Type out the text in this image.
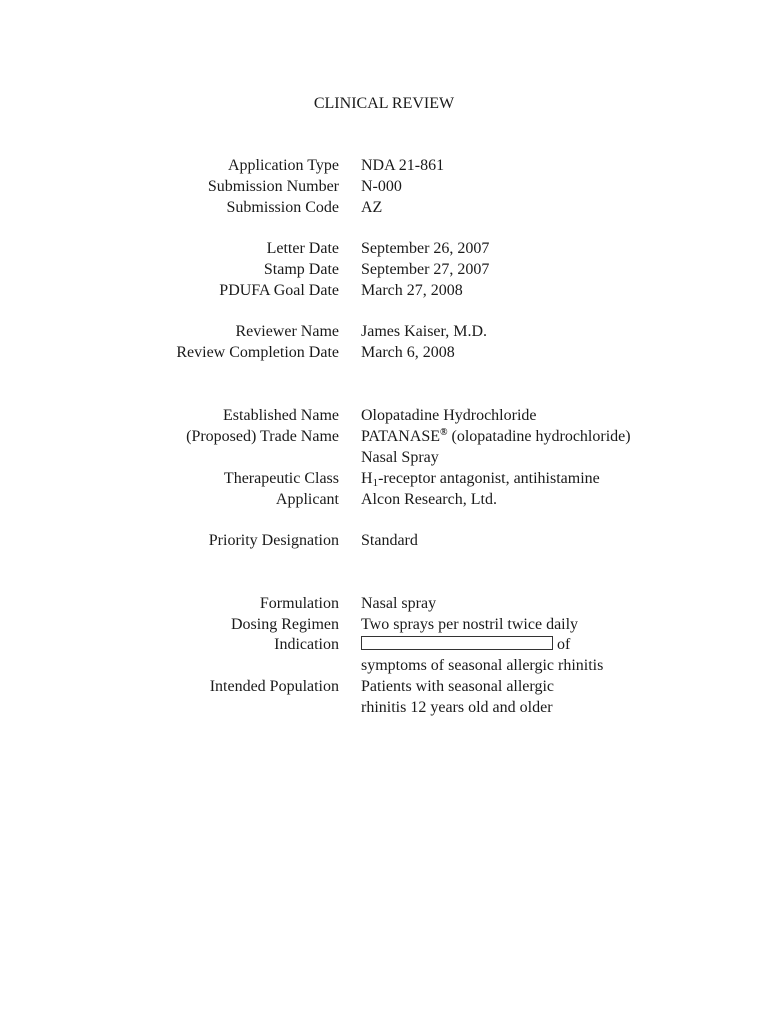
CLINICAL REVIEW
Application Type NDA 21-861
Submission Number N-000
Submission Code AZ
Letter Date September 26, 2007
Stamp Date September 27, 2007
PDUFA Goal Date March 27, 2008
Reviewer Name James Kaiser, M.D.
Review Completion Date March 6, 2008
Established Name Olopatadine Hydrochloride
(Proposed) Trade Name PATANASE® (olopatadine hydrochloride)
Nasal Spray
Therapeutic Class $H_1$-receptor antagonist, antihistamine
Applicant Alcon Research, Ltd.
Priority Designation Standard
Formulation Nasal spray
Dosing Regimen Two sprays per nostril twice daily
Indication	of
symptoms of seasonal allergic rhinitis
Intended Population Patients with seasonal allergic
rhinitis 12 years old and older
